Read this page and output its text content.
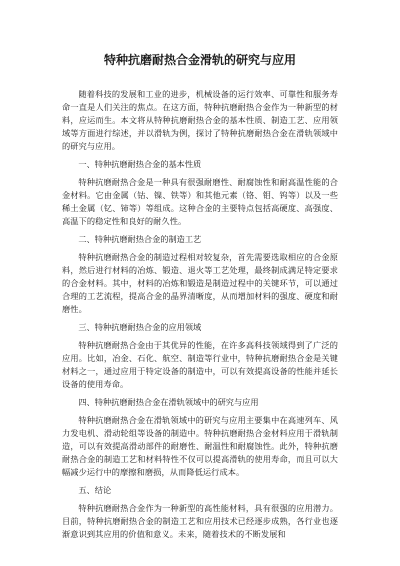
特种抗磨耐热合金滑轨的研究与应用

随着科技的发展和工业的进步，机械设备的运行效率、可靠性和服务寿命一直是人们关注的焦点。在这方面，特种抗磨耐热合金作为一种新型的材料，应运而生。本文将从特种抗磨耐热合金的基本性质、制造工艺、应用领域等方面进行综述，并以滑轨为例，探讨了特种抗磨耐热合金在滑轨领域中的研究与应用。

一、特种抗磨耐热合金的基本性质

特种抗磨耐热合金是一种具有很强耐磨性、耐腐蚀性和耐高温性能的合金材料。它由金属（钴、镍、铁等）和其他元素（铬、钼、钨等）以及一些稀土金属（钇、铈等）等组成。这种合金的主要特点包括高硬度、高强度、高温下的稳定性和良好的耐久性。

二、特种抗磨耐热合金的制造工艺

特种抗磨耐热合金的制造过程相对较复杂，首先需要选取相应的合金原料，然后进行材料的冶炼、锻造、退火等工艺处理，最终制成满足特定要求的合金材料。其中，材料的冶炼和锻造是制造过程中的关键环节，可以通过合理的工艺流程，提高合金的晶界清晰度，从而增加材料的强度、硬度和耐磨性。

三、特种抗磨耐热合金的应用领域

特种抗磨耐热合金由于其优异的性能，在许多高科技领域得到了广泛的应用。比如，冶金、石化、航空、制造等行业中，特种抗磨耐热合金是关键材料之一，通过应用于特定设备的制造中，可以有效提高设备的性能并延长设备的使用寿命。

四、特种抗磨耐热合金在滑轨领域中的研究与应用

特种抗磨耐热合金在滑轨领域中的研究与应用主要集中在高速列车、风力发电机、滑动轮组等设备的制造中。特种抗磨耐热合金材料应用于滑轨制造，可以有效提高滑动部件的耐磨性、耐温性和耐腐蚀性。此外，特种抗磨耐热合金的制造工艺和材料特性不仅可以提高滑轨的使用寿命，而且可以大幅减少运行中的摩擦和磨损，从而降低运行成本。

五、结论

特种抗磨耐热合金作为一种新型的高性能材料，具有很强的应用潜力。目前，特种抗磨耐热合金的制造工艺和应用技术已经逐步成熟，各行业也逐渐意识到其应用的价值和意义。未来，随着技术的不断发展和
